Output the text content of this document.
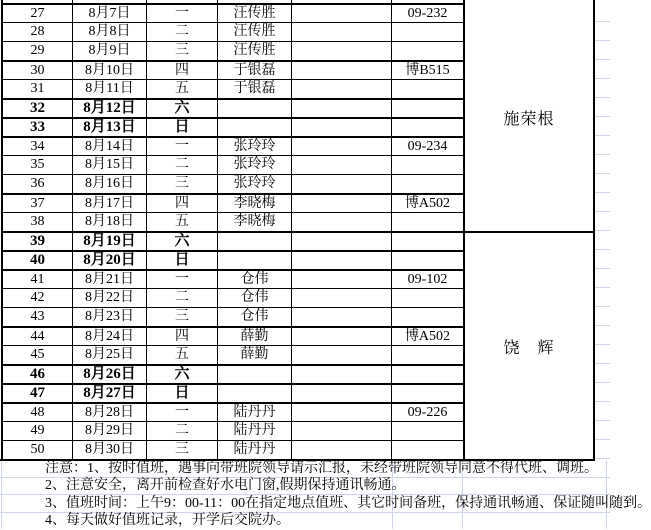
27	8月7日	一	汪传胜	09-232
28	8月8日	二	汪传胜
29	8月9日	三	汪传胜
30	8月10日	四	于银磊	博B515
31	8月11日	五	于银磊
32	8月12日	六
33	8月13日	日
34	8月14日	一	张玲玲	09-234
35	8月15日	二	张玲玲
36	8月16日	三	张玲玲
37	8月17日	四	李晓梅	博A502
38	8月18日	五	李晓梅
39	8月19日	六
40	8月20日	日
41	8月21日	一	仓伟	09-102
42	8月22日	二	仓伟
43	8月23日	三	仓伟
44	8月24日	四	薛勤	博A502
45	8月25日	五	薛勤
46	8月26日	六
47	8月27日	日
48	8月28日	一	陆丹丹	09-226
49	8月29日	二	陆丹丹
50	8月30日	三	陆丹丹
施荣根
饶　辉
注意：1、按时值班，遇事向带班院领导请示汇报，未经带班院领导同意不得代班、调班。
2、注意安全，离开前检查好水电门窗,假期保持通讯畅通。
3、值班时间：上午9：00-11：00在指定地点值班、其它时间备班，保持通讯畅通、保证随叫随到。
4、每天做好值班记录，开学后交院办。
